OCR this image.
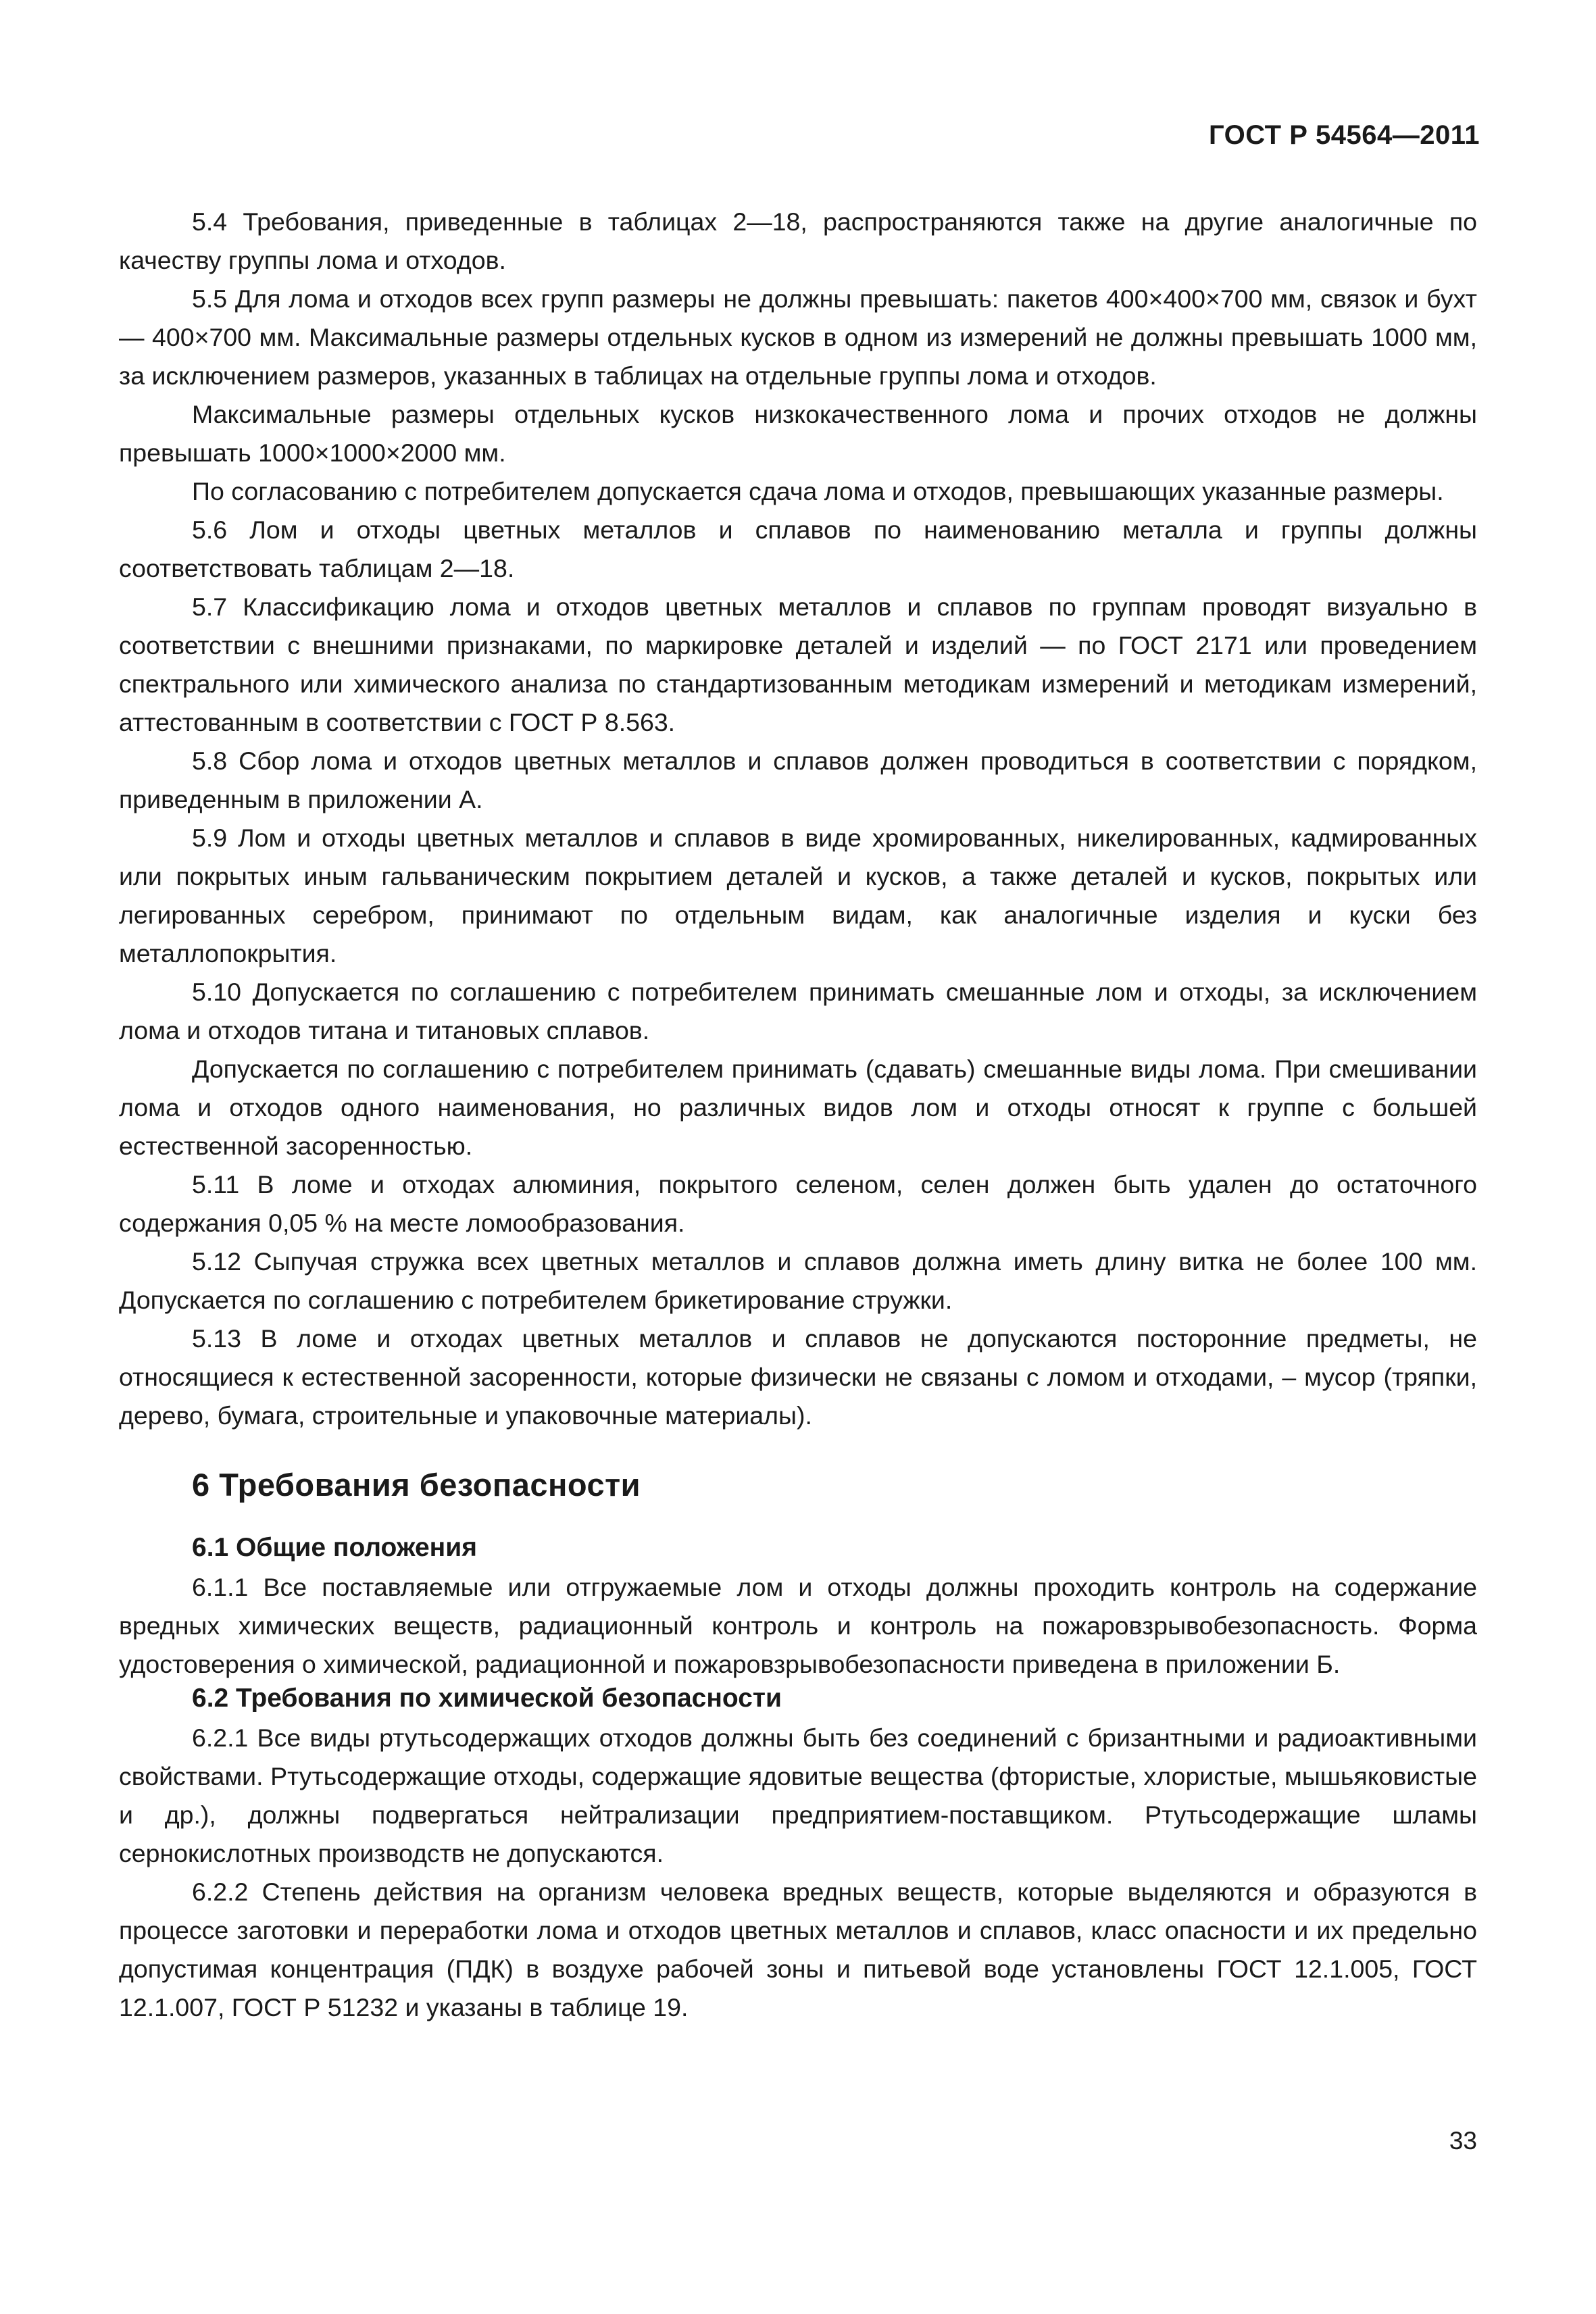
ГОСТ Р 54564—2011

5.4 Требования, приведенные в таблицах 2—18, распространяются также на другие аналогичные по качеству группы лома и отходов.

5.5 Для лома и отходов всех групп размеры не должны превышать: пакетов 400×400×700 мм, связок и бухт — 400×700 мм. Максимальные размеры отдельных кусков в одном из измерений не должны превышать 1000 мм, за исключением размеров, указанных в таблицах на отдельные группы лома и отходов.

Максимальные размеры отдельных кусков низкокачественного лома и прочих отходов не должны превышать 1000×1000×2000 мм.

По согласованию с потребителем допускается сдача лома и отходов, превышающих указанные размеры.

5.6 Лом и отходы цветных металлов и сплавов по наименованию металла и группы должны соответствовать таблицам 2—18.

5.7 Классификацию лома и отходов цветных металлов и сплавов по группам проводят визуально в соответствии с внешними признаками, по маркировке деталей и изделий — по ГОСТ 2171 или проведением спектрального или химического анализа по стандартизованным методикам измерений и методикам измерений, аттестованным в соответствии с ГОСТ Р 8.563.

5.8 Сбор лома и отходов цветных металлов и сплавов должен проводиться в соответствии с порядком, приведенным в приложении А.

5.9 Лом и отходы цветных металлов и сплавов в виде хромированных, никелированных, кадмированных или покрытых иным гальваническим покрытием деталей и кусков, а также деталей и кусков, покрытых или легированных серебром, принимают по отдельным видам, как аналогичные изделия и куски без металлопокрытия.

5.10 Допускается по соглашению с потребителем принимать смешанные лом и отходы, за исключением лома и отходов титана и титановых сплавов.

Допускается по соглашению с потребителем принимать (сдавать) смешанные виды лома. При смешивании лома и отходов одного наименования, но различных видов лом и отходы относят к группе с большей естественной засоренностью.

5.11 В ломе и отходах алюминия, покрытого селеном, селен должен быть удален до остаточного содержания 0,05 % на месте ломообразования.

5.12 Сыпучая стружка всех цветных металлов и сплавов должна иметь длину витка не более 100 мм. Допускается по соглашению с потребителем брикетирование стружки.

5.13 В ломе и отходах цветных металлов и сплавов не допускаются посторонние предметы, не относящиеся к естественной засоренности, которые физически не связаны с ломом и отходами, – мусор (тряпки, дерево, бумага, строительные и упаковочные материалы).

6 Требования безопасности
6.1 Общие положения

6.1.1 Все поставляемые или отгружаемые лом и отходы должны проходить контроль на содержание вредных химических веществ, радиационный контроль и контроль на пожаровзрывобезопасность. Форма удостоверения о химической, радиационной и пожаровзрывобезопасности приведена в приложении Б.

6.2 Требования по химической безопасности

6.2.1 Все виды ртутьсодержащих отходов должны быть без соединений с бризантными и радиоактивными свойствами. Ртутьсодержащие отходы, содержащие ядовитые вещества (фтористые, хлористые, мышьяковистые и др.), должны подвергаться нейтрализации предприятием-поставщиком. Ртутьсодержащие шламы сернокислотных производств не допускаются.

6.2.2 Степень действия на организм человека вредных веществ, которые выделяются и образуются в процессе заготовки и переработки лома и отходов цветных металлов и сплавов, класс опасности и их предельно допустимая концентрация (ПДК) в воздухе рабочей зоны и питьевой воде установлены ГОСТ 12.1.005, ГОСТ 12.1.007, ГОСТ Р 51232 и указаны в таблице 19.

33
